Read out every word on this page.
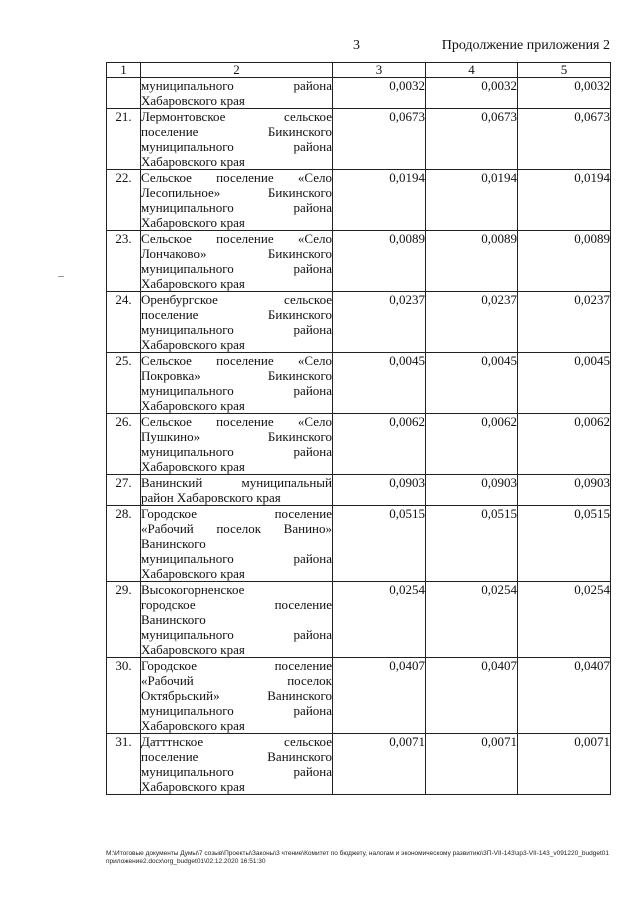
3	Продолжение приложения 2
1	2	3	4	5

	муниципального района
Хабаровского края	0,0032	0,0032	0,0032
21.	Лермонтовское сельское
поселение Бикинского
муниципального района
Хабаровского края	0,0673	0,0673	0,0673
22.	Сельское поселение «Село
Лесопильное» Бикинского
муниципального района
Хабаровского края	0,0194	0,0194	0,0194
23.	Сельское поселение «Село
Лончаково» Бикинского
муниципального района
Хабаровского края	0,0089	0,0089	0,0089
24.	Оренбургское сельское
поселение Бикинского
муниципального района
Хабаровского края	0,0237	0,0237	0,0237
25.	Сельское поселение «Село
Покровка» Бикинского
муниципального района
Хабаровского края	0,0045	0,0045	0,0045
26.	Сельское поселение «Село
Пушкино» Бикинского
муниципального района
Хабаровского края	0,0062	0,0062	0,0062
27.	Ванинский муниципальный
район Хабаровского края	0,0903	0,0903	0,0903
28.	Городское поселение
«Рабочий поселок Ванино»
Ванинского
муниципального района
Хабаровского края	0,0515	0,0515	0,0515
29.	Высокогорненское
городское поселение
Ванинского
муниципального района
Хабаровского края	0,0254	0,0254	0,0254
30.	Городское поселение
«Рабочий поселок
Октябрьский» Ванинского
муниципального района
Хабаровского края	0,0407	0,0407	0,0407
31.	Датттнское сельское
поселение Ванинского
муниципального района
Хабаровского края	0,0071	0,0071	0,0071
M:\Итоговые документы Думы\7 созыв\Проекты\Законы\3 чтение\Комитет по бюджету, налогам и экономическому развитию\3П-VII-143\зр3-VII-143_v091220_budget01приложение2.docx\org_budget01\02.12.2020 16:51:30
